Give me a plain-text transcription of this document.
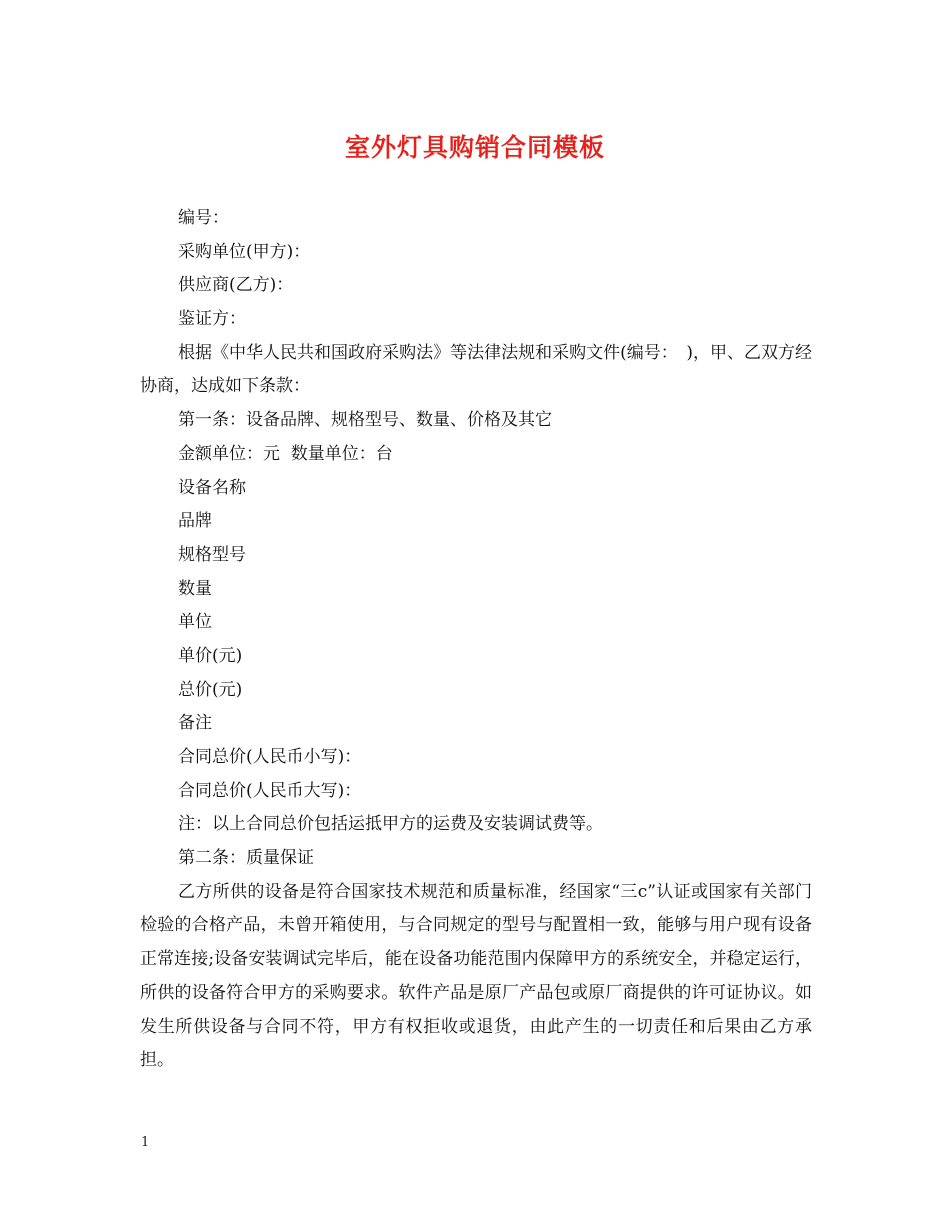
室外灯具购销合同模板
编号：
采购单位(甲方)：
供应商(乙方)：
鉴证方：

根据《中华人民共和国政府采购法》等法律法规和采购文件(编号：　)，甲、乙双方经协商，达成如下条款：

第一条：设备品牌、规格型号、数量、价格及其它
金额单位：元  数量单位：台
设备名称
品牌
规格型号
数量
单位
单价(元)
总价(元)
备注
合同总价(人民币小写)：
合同总价(人民币大写)：
注：以上合同总价包括运抵甲方的运费及安装调试费等。
第二条：质量保证

乙方所供的设备是符合国家技术规范和质量标准，经国家“三c”认证或国家有关部门检验的合格产品，未曾开箱使用，与合同规定的型号与配置相一致，能够与用户现有设备正常连接;设备安装调试完毕后，能在设备功能范围内保障甲方的系统安全，并稳定运行，所供的设备符合甲方的采购要求。软件产品是原厂产品包或原厂商提供的许可证协议。如发生所供设备与合同不符，甲方有权拒收或退货，由此产生的一切责任和后果由乙方承担。

1
